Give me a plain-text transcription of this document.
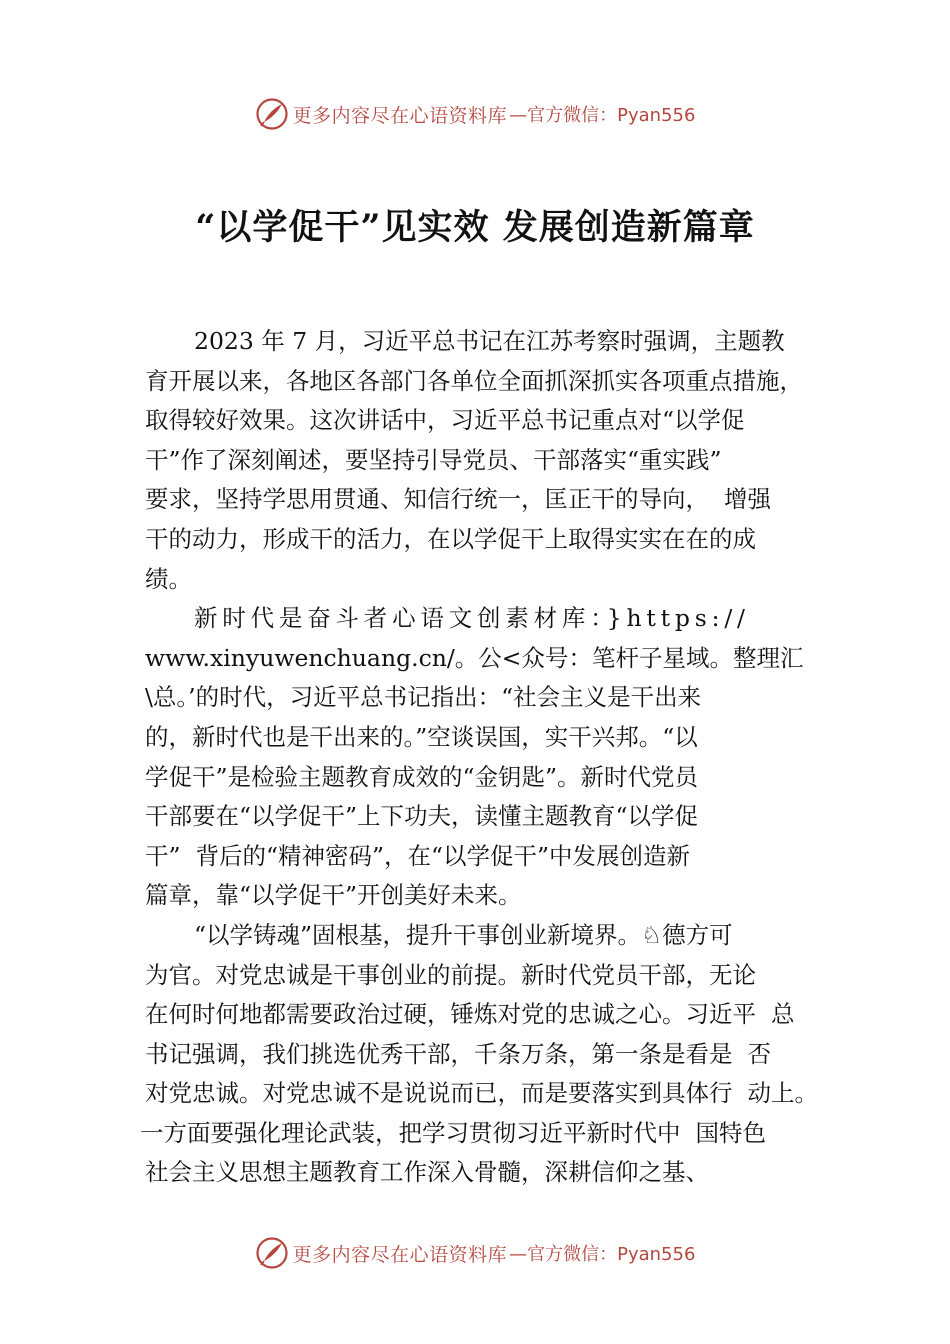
更多内容尽在心语资料库 —官方微信：Pyan556
“以学促干”见实效 发展创造新篇章
2023 年 7 月，习近平总书记在江苏考察时强调，主题教
育开展以来，各地区各部门各单位全面抓深抓实各项重点措施，
取得较好效果。这次讲话中，习近平总书记重点对“以学促
干”作了深刻阐述，要坚持引导党员、干部落实“重实践”
要求，坚持学思用贯通、知信行统一，匡正干的导向，  增强
干的动力，形成干的活力，在以学促干上取得实实在在的成
绩。
新时代是奋斗者心语文创素材库：}https://
www.xinyuwenchuang.cn/。公<众号：笔杆子星域。整理汇
\总。’的时代，习近平总书记指出：“社会主义是干出来
的，新时代也是干出来的。”空谈误国，实干兴邦。“以
学促干”是检验主题教育成效的“金钥匙”。新时代党员
干部要在“以学促干”上下功夫，读懂主题教育“以学促
干”  背后的“精神密码”，在“以学促干”中发展创造新
篇章，靠“以学促干”开创美好未来。
“以学铸魂”固根基，提升干事创业新境界。♘德方可
为官。对党忠诚是干事创业的前提。新时代党员干部，无论
在何时何地都需要政治过硬，锤炼对党的忠诚之心。习近平  总
书记强调，我们挑选优秀干部，千条万条，第一条是看是  否
对党忠诚。对党忠诚不是说说而已，而是要落实到具体行  动上。
一方面要强化理论武装，把学习贯彻习近平新时代中  国特色
社会主义思想主题教育工作深入骨髓，深耕信仰之基、
更多内容尽在心语资料库 —官方微信：Pyan556
